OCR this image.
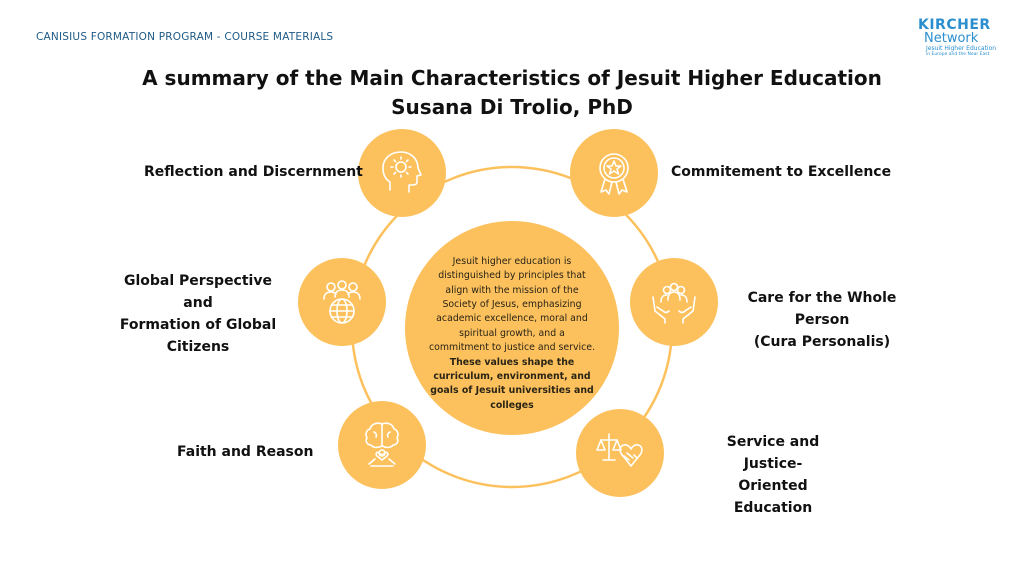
CANISIUS FORMATION PROGRAM - COURSE MATERIALS
KIRCHER
Network
Jesuit Higher Education
in Europe and the Near East
A summary of the Main Characteristics of Jesuit Higher Education
Susana Di Trolio, PhD
Jesuit higher education is distinguished by principles that align with the mission of the Society of Jesus, emphasizing academic excellence, moral and spiritual growth, and a commitment to justice and service. These values shape the curriculum, environment, and goals of Jesuit universities and colleges
Reflection and Discernment	Commitement to Excellence
Global Perspective and
Formation of Global
Citizens
Care for the Whole Person
(Cura Personalis)
Faith and Reason
Service and Justice-
Oriented Education
